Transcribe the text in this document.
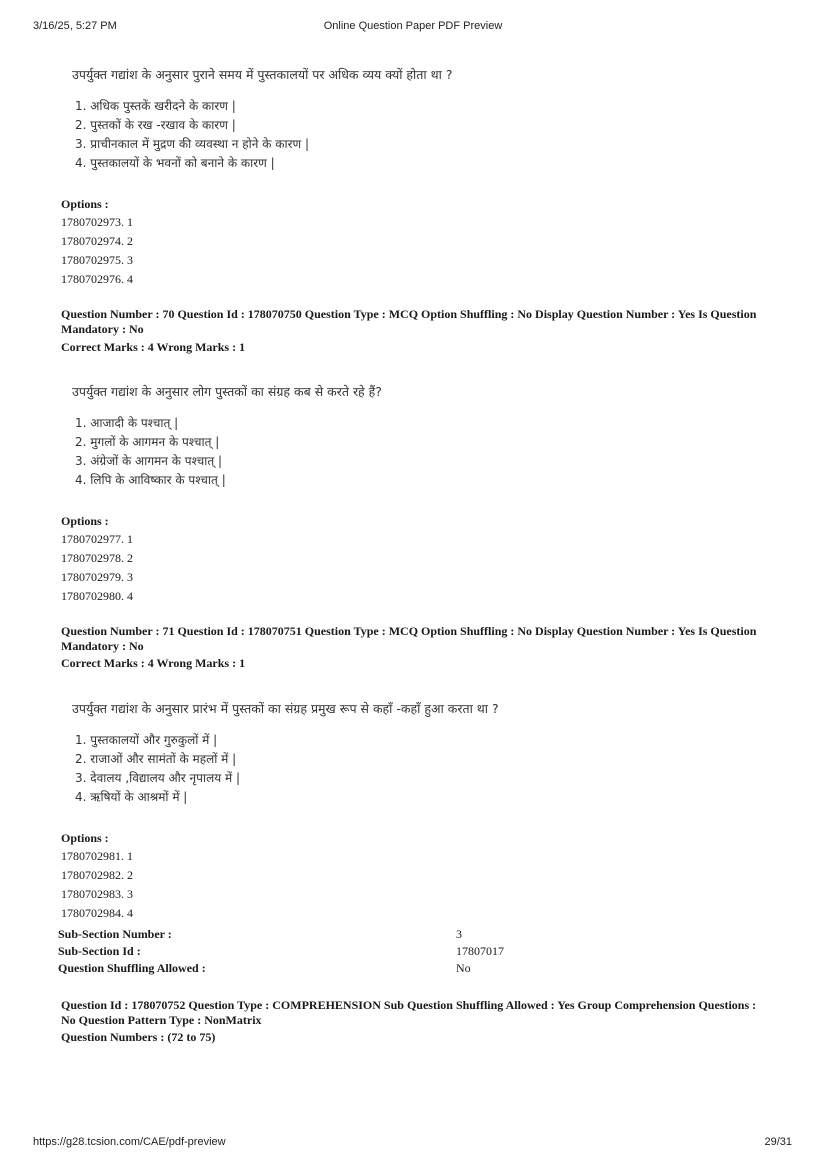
Online Question Paper PDF Preview
3/16/25, 5:27 PM
उपर्युक्त गद्यांश के अनुसार पुराने समय में पुस्तकालयों पर अधिक व्यय क्यों होता था ?
1. अधिक पुस्तकें खरीदने के कारण |
2. पुस्तकों के रख -रखाव के कारण |
3. प्राचीनकाल में मुद्रण की व्यवस्था न होने के कारण |
4. पुस्तकालयों के भवनों को बनाने के कारण |
Options :
1780702973. 1
1780702974. 2
1780702975. 3
1780702976. 4
Question Number : 70 Question Id : 178070750 Question Type : MCQ Option Shuffling : No Display Question Number : Yes Is Question Mandatory : No
Correct Marks : 4 Wrong Marks : 1
उपर्युक्त गद्यांश के अनुसार लोग पुस्तकों का संग्रह कब से करते रहे हैं?
1. आजादी के पश्चात् |
2. मुगलों के आगमन के पश्चात् |
3. अंग्रेजों के आगमन के पश्चात् |
4. लिपि के आविष्कार के पश्चात् |
Options :
1780702977. 1
1780702978. 2
1780702979. 3
1780702980. 4
Question Number : 71 Question Id : 178070751 Question Type : MCQ Option Shuffling : No Display Question Number : Yes Is Question Mandatory : No
Correct Marks : 4 Wrong Marks : 1
उपर्युक्त गद्यांश के अनुसार प्रारंभ में पुस्तकों का संग्रह प्रमुख रूप से कहाँ -कहाँ हुआ करता था ?
1. पुस्तकालयों और गुरुकुलों में |
2. राजाओं और सामंतों के महलों में |
3. देवालय ,विद्यालय और नृपालय में |
4. ऋषियों के आश्रमों में |
Options :
1780702981. 1
1780702982. 2
1780702983. 3
1780702984. 4
Sub-Section Number :	3
Sub-Section Id :	17807017
Question Shuffling Allowed :	No
Question Id : 178070752 Question Type : COMPREHENSION Sub Question Shuffling Allowed : Yes Group Comprehension Questions : No Question Pattern Type : NonMatrix
Question Numbers : (72 to 75)
https://g28.tcsion.com/CAE/pdf-preview	29/31
